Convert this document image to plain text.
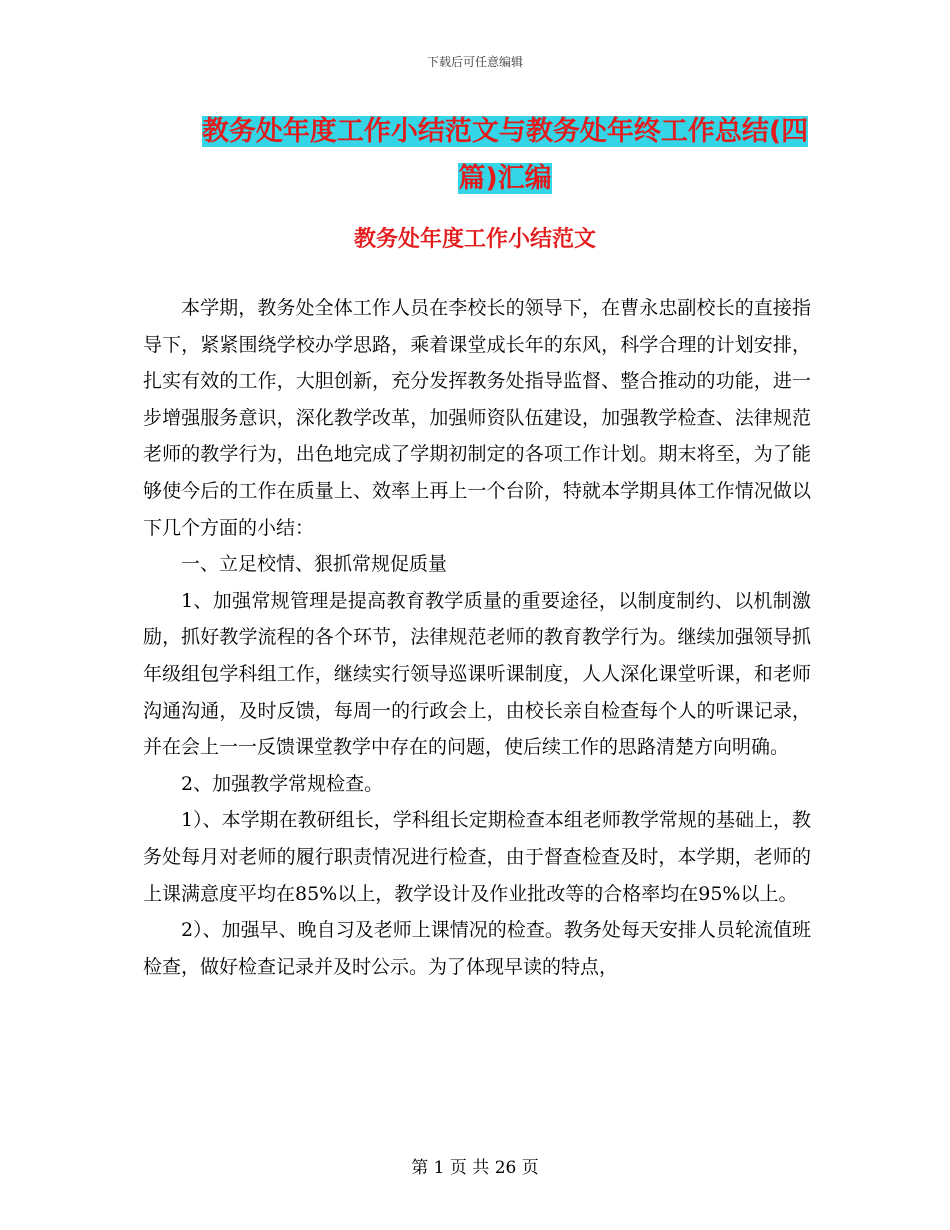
下载后可任意编辑
教务处年度工作小结范文与教务处年终工作总结(四篇)汇编
教务处年度工作小结范文

本学期，教务处全体工作人员在李校长的领导下，在曹永忠副校长的直接指导下，紧紧围绕学校办学思路，乘着课堂成长年的东风，科学合理的计划安排，扎实有效的工作，大胆创新，充分发挥教务处指导监督、整合推动的功能，进一步增强服务意识，深化教学改革，加强师资队伍建设，加强教学检查、法律规范老师的教学行为，出色地完成了学期初制定的各项工作计划。期末将至，为了能够使今后的工作在质量上、效率上再上一个台阶，特就本学期具体工作情况做以下几个方面的小结：

一、立足校情、狠抓常规促质量

1、加强常规管理是提高教育教学质量的重要途径，以制度制约、以机制激励，抓好教学流程的各个环节，法律规范老师的教育教学行为。继续加强领导抓年级组包学科组工作，继续实行领导巡课听课制度，人人深化课堂听课，和老师沟通沟通，及时反馈，每周一的行政会上，由校长亲自检查每个人的听课记录，并在会上一一反馈课堂教学中存在的问题，使后续工作的思路清楚方向明确。

2、加强教学常规检查。

1）、本学期在教研组长，学科组长定期检查本组老师教学常规的基础上，教务处每月对老师的履行职责情况进行检查，由于督查检查及时，本学期，老师的上课满意度平均在85%以上，教学设计及作业批改等的合格率均在95%以上。

2）、加强早、晚自习及老师上课情况的检查。教务处每天安排人员轮流值班检查，做好检查记录并及时公示。为了体现早读的特点，

第 1 页 共 26 页
